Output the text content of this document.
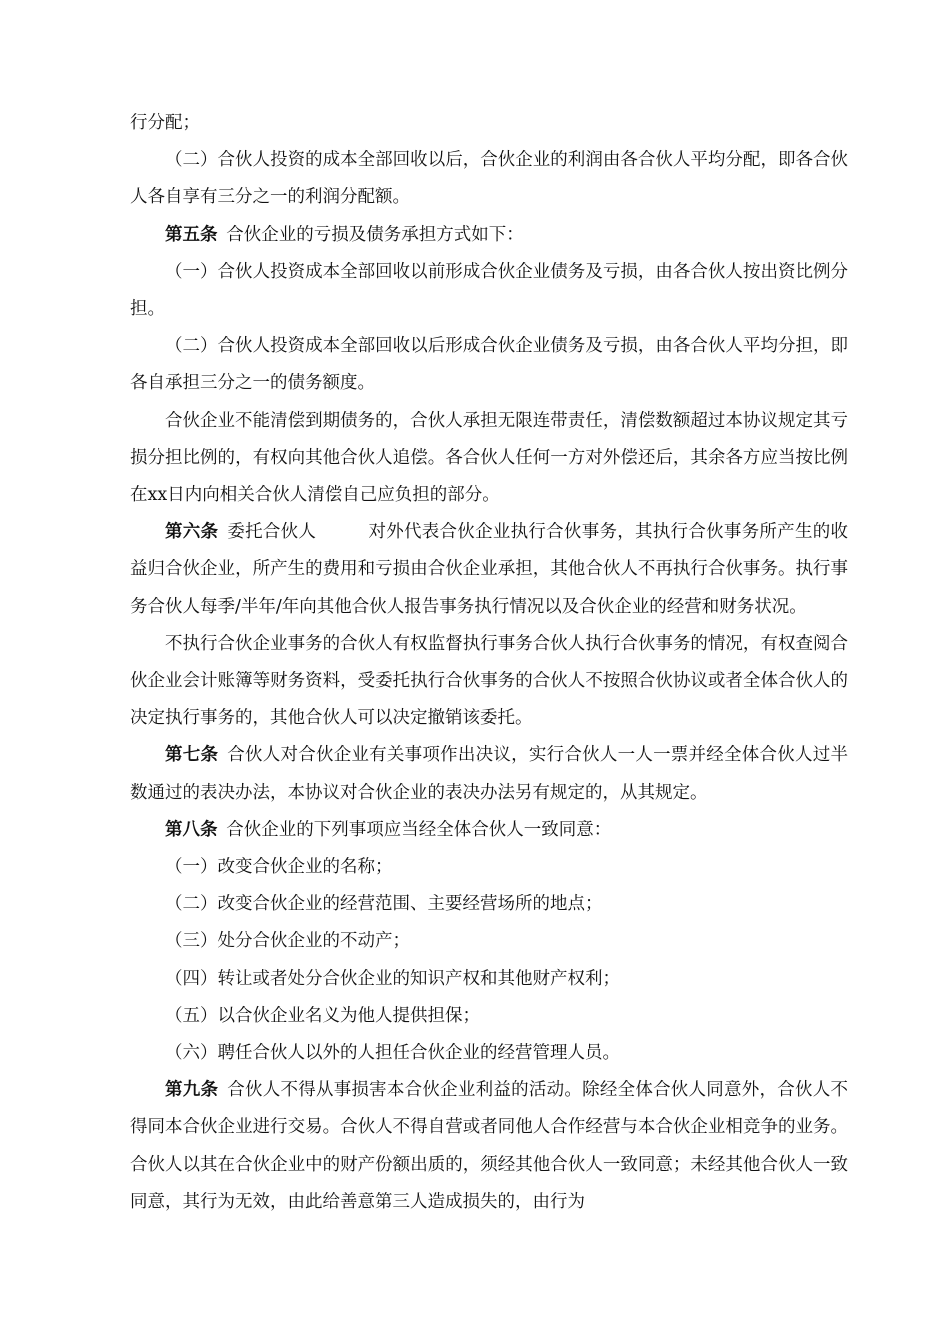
行分配；

（二）合伙人投资的成本全部回收以后，合伙企业的利润由各合伙人平均分配，即各合伙人各自享有三分之一的利润分配额。

第五条  合伙企业的亏损及债务承担方式如下：

（一）合伙人投资成本全部回收以前形成合伙企业债务及亏损，由各合伙人按出资比例分担。

（二）合伙人投资成本全部回收以后形成合伙企业债务及亏损，由各合伙人平均分担，即各自承担三分之一的债务额度。

合伙企业不能清偿到期债务的，合伙人承担无限连带责任，清偿数额超过本协议规定其亏损分担比例的，有权向其他合伙人追偿。各合伙人任何一方对外偿还后，其余各方应当按比例在xx日内向相关合伙人清偿自己应负担的部分。

第六条  委托合伙人	对外代表合伙企业执行合伙事务，其执行合伙事务所产生的收益归合伙企业，所产生的费用和亏损由合伙企业承担，其他合伙人不再执行合伙事务。执行事务合伙人每季/半年/年向其他合伙人报告事务执行情况以及合伙企业的经营和财务状况。

不执行合伙企业事务的合伙人有权监督执行事务合伙人执行合伙事务的情况，有权查阅合伙企业会计账簿等财务资料，受委托执行合伙事务的合伙人不按照合伙协议或者全体合伙人的决定执行事务的，其他合伙人可以决定撤销该委托。

第七条  合伙人对合伙企业有关事项作出决议，实行合伙人一人一票并经全体合伙人过半数通过的表决办法，本协议对合伙企业的表决办法另有规定的，从其规定。

第八条  合伙企业的下列事项应当经全体合伙人一致同意：

（一）改变合伙企业的名称；

（二）改变合伙企业的经营范围、主要经营场所的地点；

（三）处分合伙企业的不动产；

（四）转让或者处分合伙企业的知识产权和其他财产权利；

（五）以合伙企业名义为他人提供担保；

（六）聘任合伙人以外的人担任合伙企业的经营管理人员。

第九条  合伙人不得从事损害本合伙企业利益的活动。除经全体合伙人同意外，合伙人不得同本合伙企业进行交易。合伙人不得自营或者同他人合作经营与本合伙企业相竞争的业务。合伙人以其在合伙企业中的财产份额出质的，须经其他合伙人一致同意；未经其他合伙人一致同意，其行为无效，由此给善意第三人造成损失的，由行为
